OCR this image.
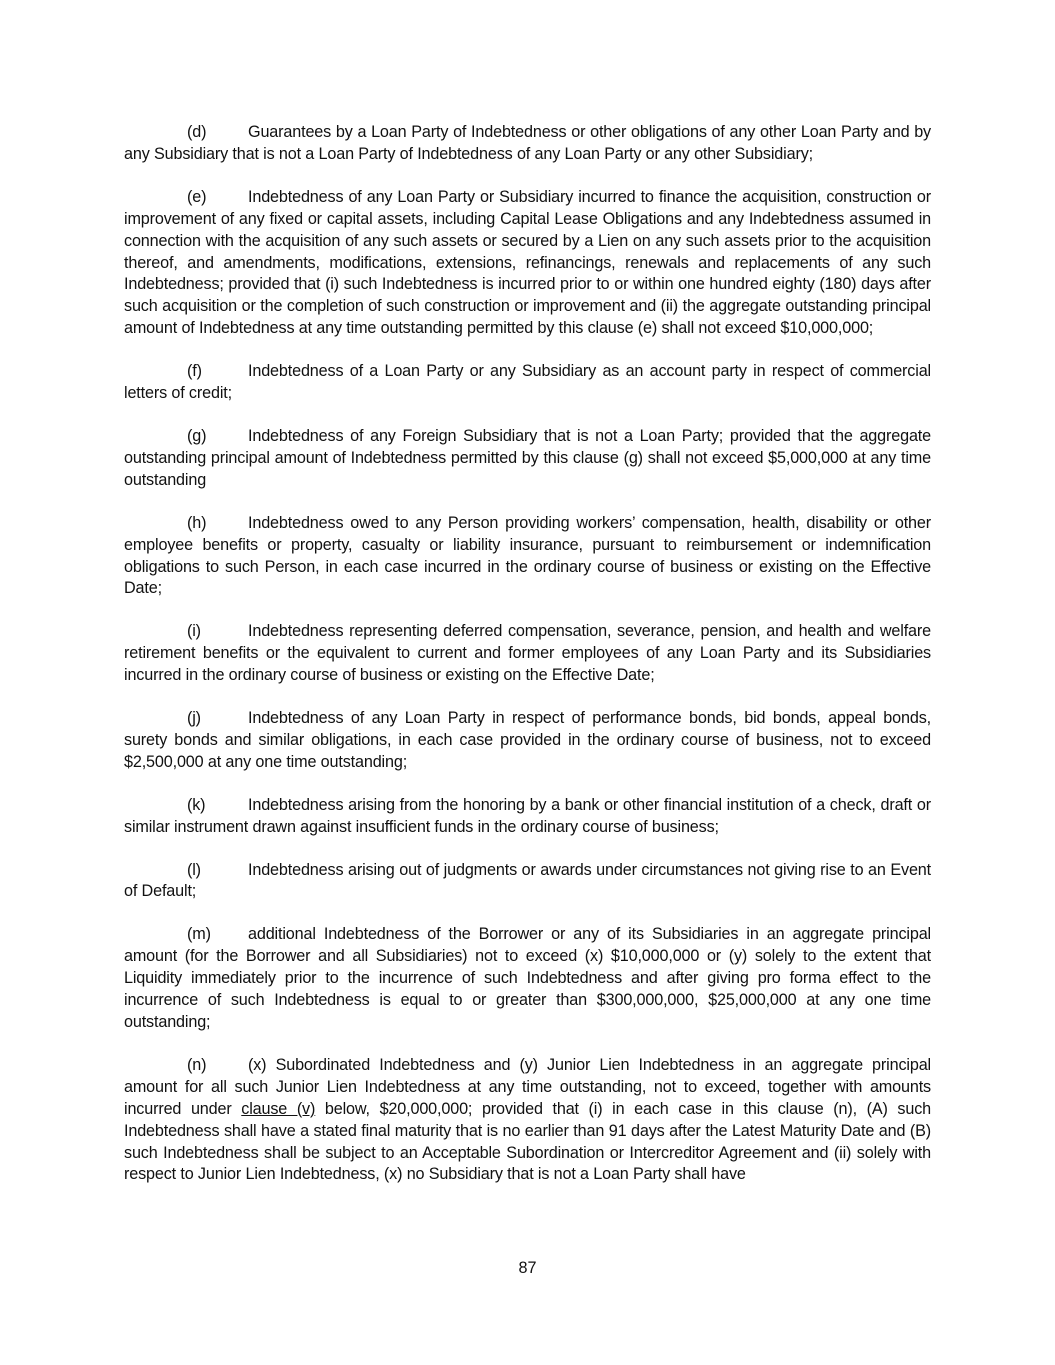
(d)	Guarantees by a Loan Party of Indebtedness or other obligations of any other Loan Party and by any Subsidiary that is not a Loan Party of Indebtedness of any Loan Party or any other Subsidiary;

(e)	Indebtedness of any Loan Party or Subsidiary incurred to finance the acquisition, construction or improvement of any fixed or capital assets, including Capital Lease Obligations and any Indebtedness assumed in connection with the acquisition of any such assets or secured by a Lien on any such assets prior to the acquisition thereof, and amendments, modifications, extensions, refinancings, renewals and replacements of any such Indebtedness; provided that (i) such Indebtedness is incurred prior to or within one hundred eighty (180) days after such acquisition or the completion of such construction or improvement and (ii) the aggregate outstanding principal amount of Indebtedness at any time outstanding permitted by this clause (e) shall not exceed $10,000,000;

(f)	Indebtedness of a Loan Party or any Subsidiary as an account party in respect of commercial letters of credit;

(g)	Indebtedness of any Foreign Subsidiary that is not a Loan Party; provided that the aggregate outstanding principal amount of Indebtedness permitted by this clause (g) shall not exceed $5,000,000 at any time outstanding

(h)	Indebtedness owed to any Person providing workers’ compensation, health, disability or other employee benefits or property, casualty or liability insurance, pursuant to reimbursement or indemnification obligations to such Person, in each case incurred in the ordinary course of business or existing on the Effective Date;

(i)	Indebtedness representing deferred compensation, severance, pension, and health and welfare retirement benefits or the equivalent to current and former employees of any Loan Party and its Subsidiaries incurred in the ordinary course of business or existing on the Effective Date;

(j)	Indebtedness of any Loan Party in respect of performance bonds, bid bonds, appeal bonds, surety bonds and similar obligations, in each case provided in the ordinary course of business, not to exceed $2,500,000 at any one time outstanding;

(k)	Indebtedness arising from the honoring by a bank or other financial institution of a check, draft or similar instrument drawn against insufficient funds in the ordinary course of business;

(l)	Indebtedness arising out of judgments or awards under circumstances not giving rise to an Event of Default;

(m) additional Indebtedness of the Borrower or any of its Subsidiaries in an aggregate principal amount (for the Borrower and all Subsidiaries) not to exceed (x) $10,000,000 or (y) solely to the extent that Liquidity immediately prior to the incurrence of such Indebtedness and after giving pro forma effect to the incurrence of such Indebtedness is equal to or greater than $300,000,000, $25,000,000 at any one time outstanding;

(n)	(x) Subordinated Indebtedness and (y) Junior Lien Indebtedness in an aggregate principal amount for all such Junior Lien Indebtedness at any time outstanding, not to exceed, together with amounts incurred under clause (v) below, $20,000,000; provided that (i) in each case in this clause (n), (A) such Indebtedness shall have a stated final maturity that is no earlier than 91 days after the Latest Maturity Date and (B) such Indebtedness shall be subject to an Acceptable Subordination or Intercreditor Agreement and (ii) solely with respect to Junior Lien Indebtedness, (x) no Subsidiary that is not a Loan Party shall have

87
